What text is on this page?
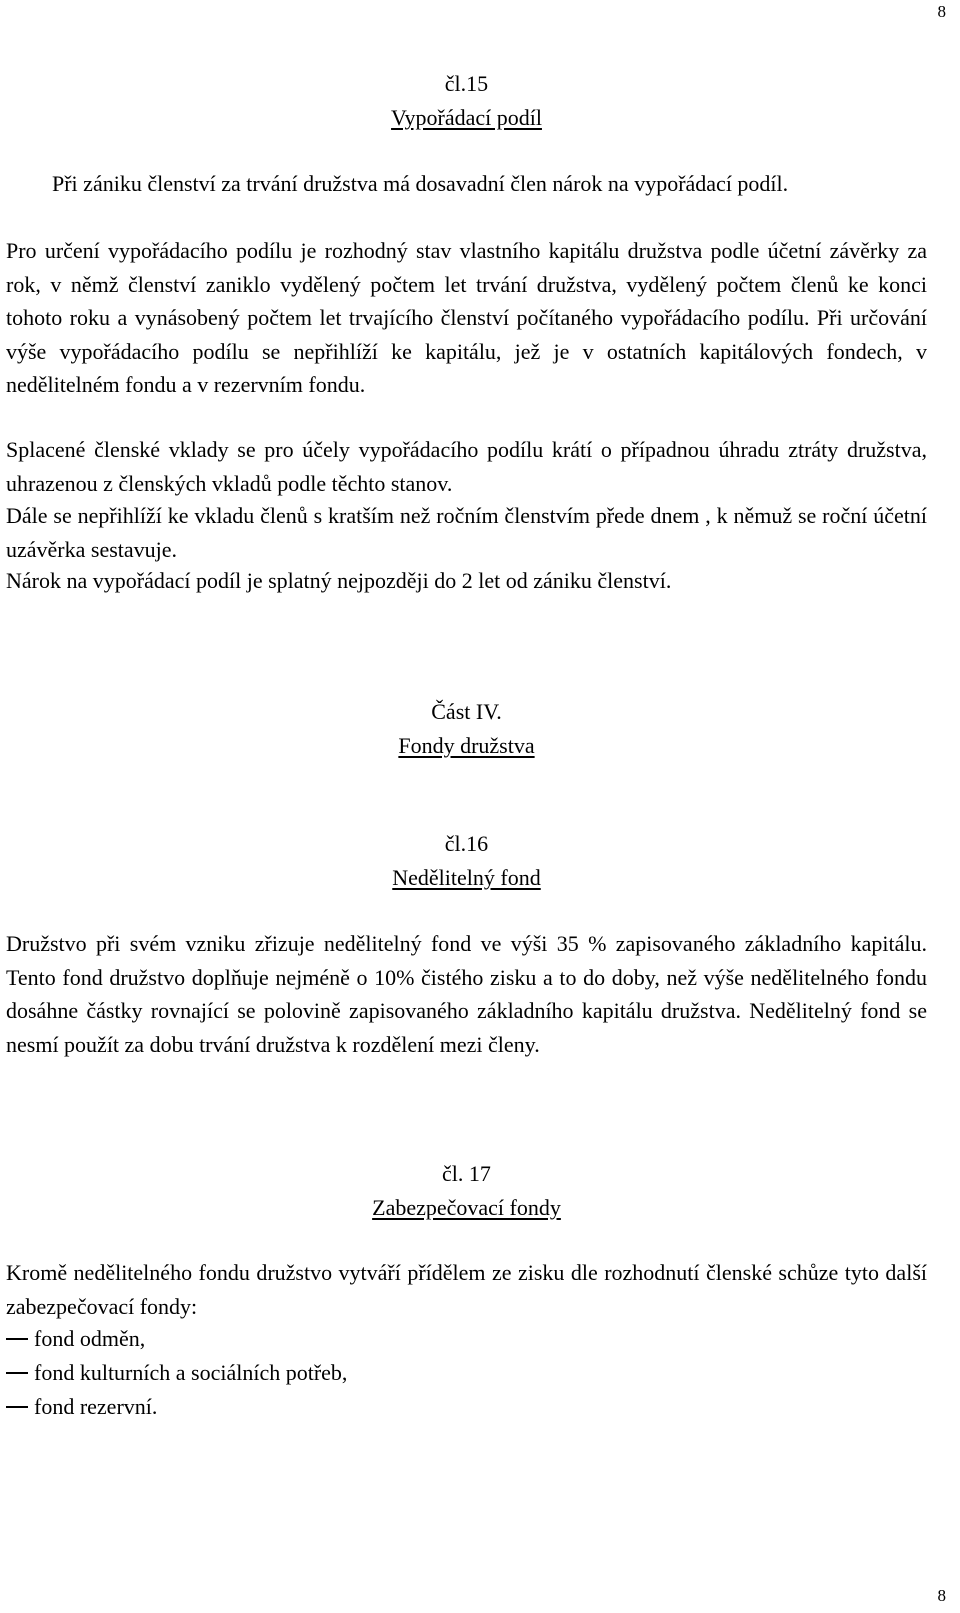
8
čl.15
Vypořádací podíl

Při zániku členství za trvání družstva má dosavadní člen nárok na vypořádací podíl.

Pro určení vypořádacího podílu je rozhodný stav vlastního kapitálu družstva podle účetní závěrky za rok, v němž členství zaniklo vydělený počtem let trvání družstva, vydělený počtem členů ke konci tohoto roku a vynásobený počtem let trvajícího členství počítaného vypořádacího podílu. Při určování výše vypořádacího podílu se nepřihlíží ke kapitálu, jež je v ostatních kapitálových fondech, v nedělitelném fondu a v rezervním fondu.

Splacené členské vklady se pro účely vypořádacího podílu krátí o případnou úhradu ztráty družstva, uhrazenou z členských vkladů podle těchto stanov.

Dále se nepřihlíží ke vkladu členů s kratším než ročním členstvím přede dnem , k němuž se roční účetní uzávěrka sestavuje.

Nárok na vypořádací podíl je splatný nejpozději do 2 let od zániku členství.

Část IV.
Fondy družstva
čl.16
Nedělitelný fond

Družstvo při svém vzniku zřizuje nedělitelný fond ve výši 35 % zapisovaného základního kapitálu. Tento fond družstvo doplňuje nejméně o 10% čistého zisku a to do doby, než výše nedělitelného fondu dosáhne částky rovnající se polovině zapisovaného základního kapitálu družstva. Nedělitelný fond se nesmí použít za dobu trvání družstva k rozdělení mezi členy.

čl. 17
Zabezpečovací fondy

Kromě nedělitelného fondu družstvo vytváří přídělem ze zisku dle rozhodnutí členské schůze tyto další zabezpečovací fondy:

fond odměn,
fond kulturních a sociálních potřeb,
fond rezervní.
8
